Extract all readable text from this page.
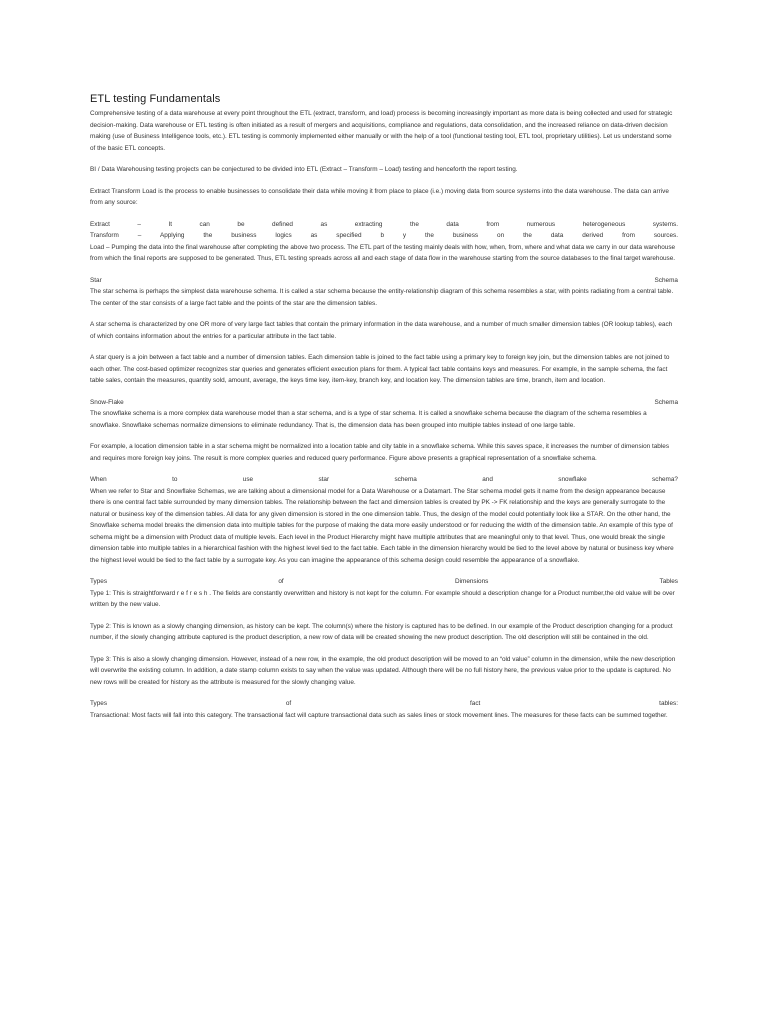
ETL testing Fundamentals

Comprehensive testing of a data warehouse at every point throughout the ETL (extract, transform, and load) process is becoming increasingly important as more data is being collected and used for strategic decision-making. Data warehouse or ETL testing is often initiated as a result of mergers and acquisitions, compliance and regulations, data consolidation, and the increased reliance on data-driven decision making (use of Business Intelligence tools, etc.). ETL testing is commonly implemented either manually or with the help of a tool (functional testing tool, ETL tool, proprietary utilities). Let us understand some of the basic ETL concepts.

BI / Data Warehousing testing projects can be conjectured to be divided into ETL (Extract – Transform – Load) testing and henceforth the report testing.

Extract Transform Load is the process to enable businesses to consolidate their data while moving it from place to place (i.e.) moving data from source systems into the data warehouse. The data can arrive from any source:

Extract – It can be defined as extracting the data from numerous heterogeneous systems.

Transform – Applying the business logics as specified b y the business on the data derived from sources.

Load – Pumping the data into the final warehouse after completing the above two process. The ETL part of the testing mainly deals with how, when, from, where and what data we carry in our data warehouse from which the final reports are supposed to be generated. Thus, ETL testing spreads across all and each stage of data flow in the warehouse starting from the source databases to the final target warehouse.

Star Schema

The star schema is perhaps the simplest data warehouse schema. It is called a star schema because the entity-relationship diagram of this schema resembles a star, with points radiating from a central table. The center of the star consists of a large fact table and the points of the star are the dimension tables.

A star schema is characterized by one OR more of very large fact tables that contain the primary information in the data warehouse, and a number of much smaller dimension tables (OR lookup tables), each of which contains information about the entries for a particular attribute in the fact table.

A star query is a join between a fact table and a number of dimension tables. Each dimension table is joined to the fact table using a primary key to foreign key join, but the dimension tables are not joined to each other. The cost-based optimizer recognizes star queries and generates efficient execution plans for them. A typical fact table contains keys and measures. For example, in the sample schema, the fact table sales, contain the measures, quantity sold, amount, average, the keys time key, item-key, branch key, and location key. The dimension tables are time, branch, item and location.

Snow-Flake Schema

The snowflake schema is a more complex data warehouse model than a star schema, and is a type of star schema. It is called a snowflake schema because the diagram of the schema resembles a snowflake. Snowflake schemas normalize dimensions to eliminate redundancy. That is, the dimension data has been grouped into multiple tables instead of one large table.

For example, a location dimension table in a star schema might be normalized into a location table and city table in a snowflake schema. While this saves space, it increases the number of dimension tables and requires more foreign key joins. The result is more complex queries and reduced query performance. Figure above presents a graphical representation of a snowflake schema.

When to use star schema and snowflake schema?

When we refer to Star and Snowflake Schemas, we are talking about a dimensional model for a Data Warehouse or a Datamart. The Star schema model gets it name from the design appearance because there is one central fact table surrounded by many dimension tables. The relationship between the fact and dimension tables is created by PK -> FK relationship and the keys are generally surrogate to the natural or business key of the dimension tables. All data for any given dimension is stored in the one dimension table. Thus, the design of the model could potentially look like a STAR. On the other hand, the Snowflake schema model breaks the dimension data into multiple tables for the purpose of making the data more easily understood or for reducing the width of the dimension table. An example of this type of schema might be a dimension with Product data of multiple levels. Each level in the Product Hierarchy might have multiple attributes that are meaningful only to that level. Thus, one would break the single dimension table into multiple tables in a hierarchical fashion with the highest level tied to the fact table. Each table in the dimension hierarchy would be tied to the level above by natural or business key where the highest level would be tied to the fact table by a surrogate key. As you can imagine the appearance of this schema design could resemble the appearance of a snowflake.

Types of Dimensions Tables

Type 1: This is straightforward r e f r e s h . The fields are constantly overwritten and history is not kept for the column. For example should a description change for a Product number,the old value will be over written by the new value.

Type 2: This is known as a slowly changing dimension, as history can be kept. The column(s) where the history is captured has to be defined. In our example of the Product description changing for a product number, if the slowly changing attribute captured is the product description, a new row of data will be created showing the new product description. The old description will still be contained in the old.

Type 3: This is also a slowly changing dimension. However, instead of a new row, in the example, the old product description will be moved to an “old value” column in the dimension, while the new description will overwrite the existing column. In addition, a date stamp column exists to say when the value was updated. Although there will be no full history here, the previous value prior to the update is captured. No new rows will be created for history as the attribute is measured for the slowly changing value.

Types of fact tables:

Transactional: Most facts will fall into this category. The transactional fact will capture transactional data such as sales lines or stock movement lines. The measures for these facts can be summed together.
